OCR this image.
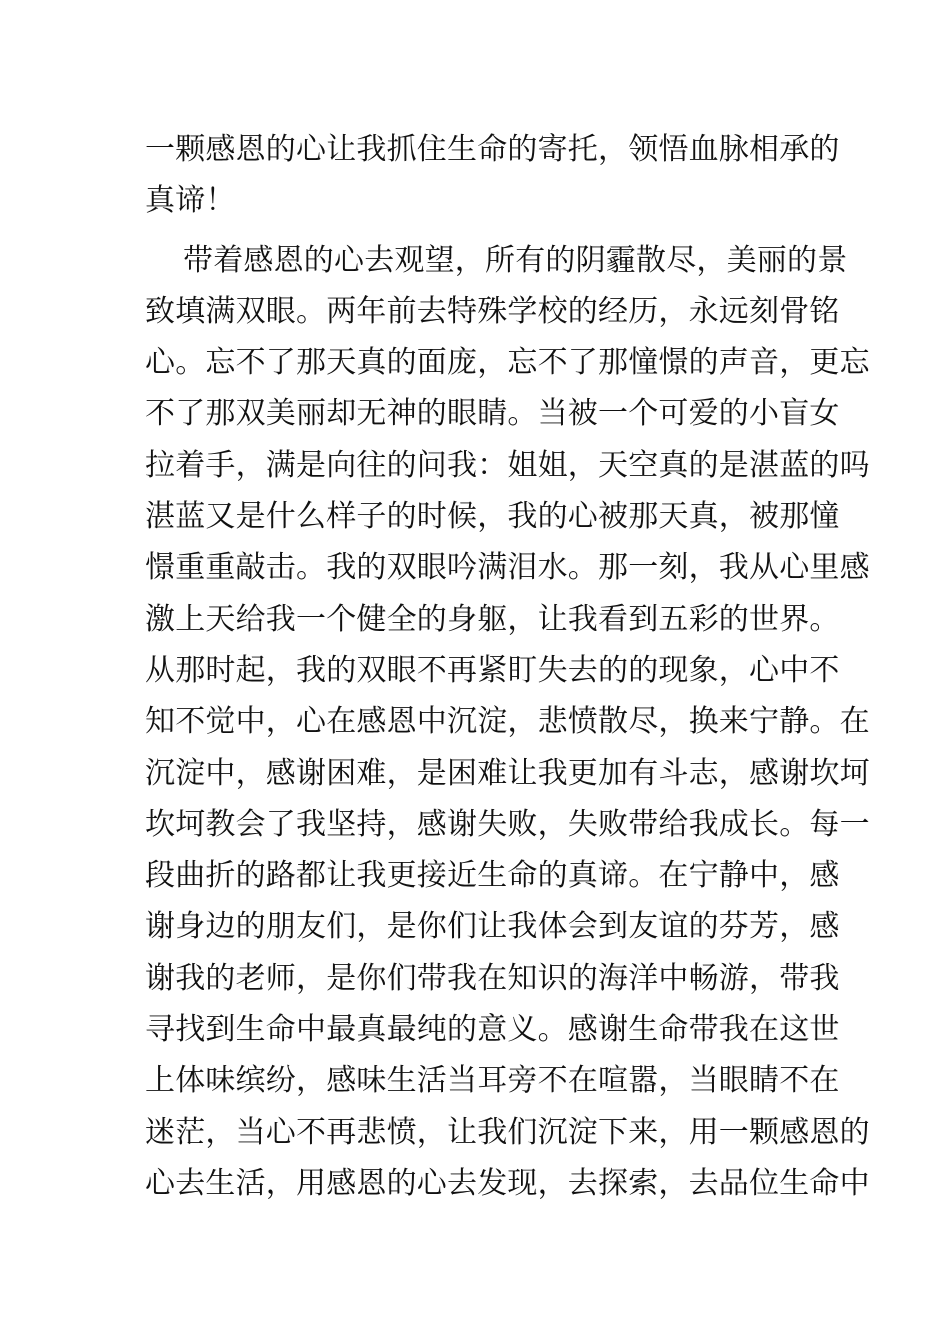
一颗感恩的心让我抓住生命的寄托，领悟血脉相承的
真谛！
带着感恩的心去观望，所有的阴霾散尽，美丽的景
致填满双眼。两年前去特殊学校的经历，永远刻骨铭
心。忘不了那天真的面庞，忘不了那憧憬的声音，更忘
不了那双美丽却无神的眼睛。当被一个可爱的小盲女
拉着手，满是向往的问我：姐姐，天空真的是湛蓝的吗
湛蓝又是什么样子的时候，我的心被那天真，被那憧
憬重重敲击。我的双眼吟满泪水。那一刻，我从心里感
激上天给我一个健全的身躯，让我看到五彩的世界。
从那时起，我的双眼不再紧盯失去的的现象，心中不
知不觉中，心在感恩中沉淀，悲愤散尽，换来宁静。在
沉淀中，感谢困难，是困难让我更加有斗志，感谢坎坷
坎坷教会了我坚持，感谢失败，失败带给我成长。每一
段曲折的路都让我更接近生命的真谛。在宁静中，感
谢身边的朋友们，是你们让我体会到友谊的芬芳，感
谢我的老师，是你们带我在知识的海洋中畅游，带我
寻找到生命中最真最纯的意义。感谢生命带我在这世
上体味缤纷，感味生活当耳旁不在喧嚣，当眼睛不在
迷茫，当心不再悲愤，让我们沉淀下来，用一颗感恩的
心去生活，用感恩的心去发现，去探索，去品位生命中
